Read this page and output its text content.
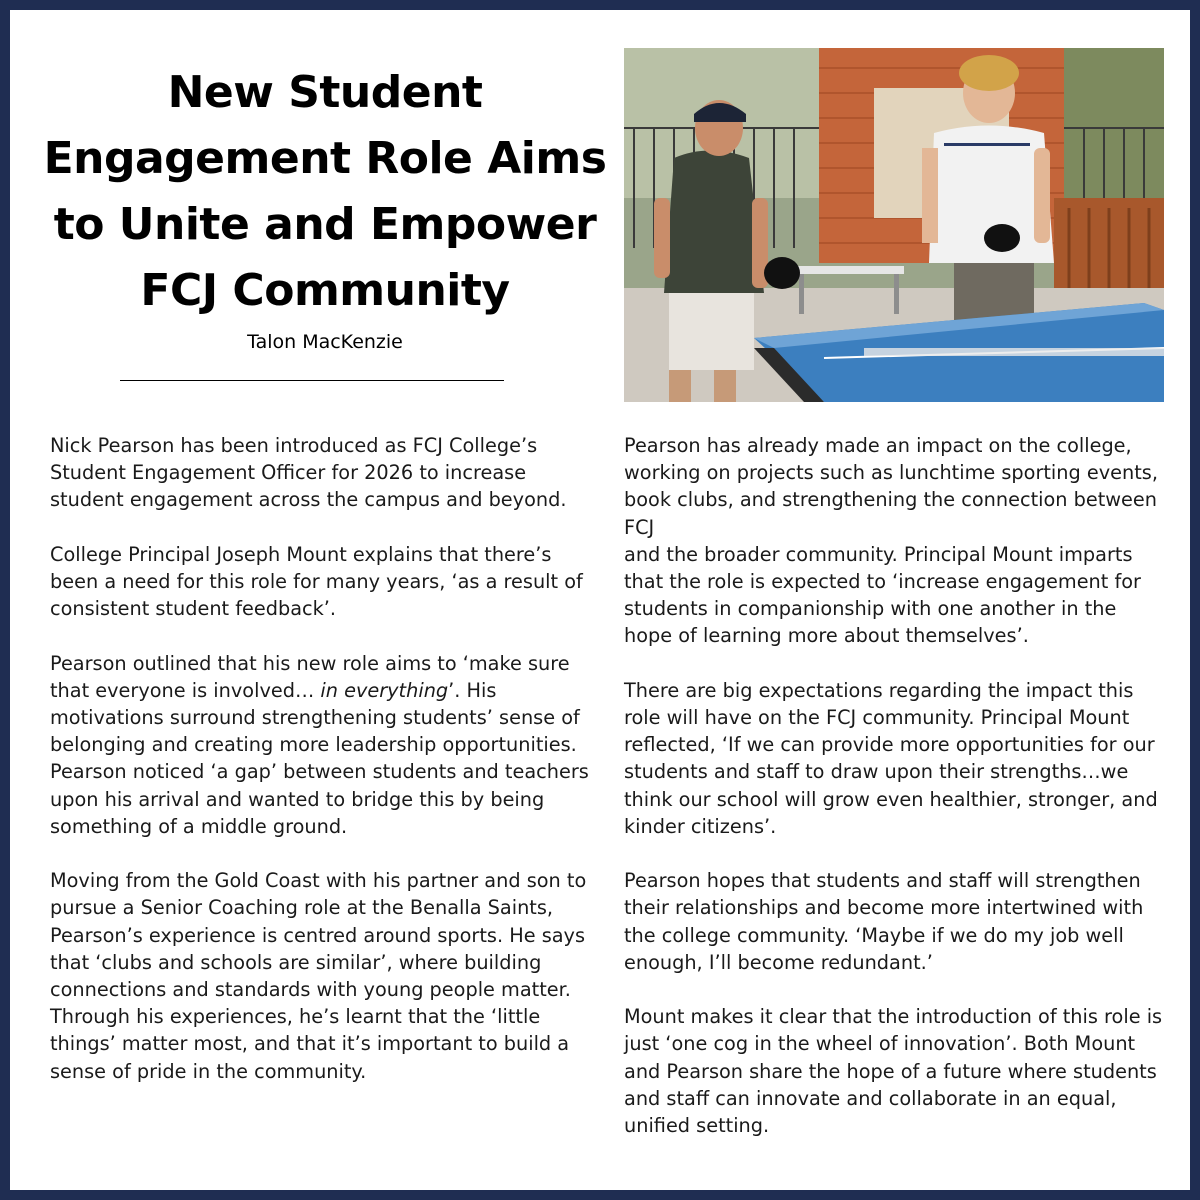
New Student Engagement Role Aims to Unite and Empower FCJ Community
Talon MacKenzie

Nick Pearson has been introduced as FCJ College’s Student Engagement Officer for 2026 to increase student engagement across the campus and beyond.

College Principal Joseph Mount explains that there’s been a need for this role for many years, ‘as a result of consistent student feedback’.

Pearson outlined that his new role aims to ‘make sure that everyone is involved… in everything’. His motivations surround strengthening students’ sense of belonging and creating more leadership opportunities. Pearson noticed ‘a gap’ between students and teachers upon his arrival and wanted to bridge this by being something of a middle ground.

Moving from the Gold Coast with his partner and son to pursue a Senior Coaching role at the Benalla Saints, Pearson’s experience is centred around sports. He says that ‘clubs and schools are similar’, where building connections and standards with young people matter. Through his experiences, he’s learnt that the ‘little things’ matter most, and that it’s important to build a sense of pride in the community.

Pearson has already made an impact on the college, working on projects such as lunchtime sporting events, book clubs, and strengthening the connection between FCJ
and the broader community. Principal Mount imparts that the role is expected to ‘increase engagement for students in companionship with one another in the hope of learning more about themselves’.

There are big expectations regarding the impact this role will have on the FCJ community. Principal Mount reflected, ‘If we can provide more opportunities for our students and staff to draw upon their strengths…we think our school will grow even healthier, stronger, and kinder citizens’.

Pearson hopes that students and staff will strengthen their relationships and become more intertwined with the college community. ‘Maybe if we do my job well enough, I’ll become redundant.’

Mount makes it clear that the introduction of this role is just ‘one cog in the wheel of innovation’. Both Mount and Pearson share the hope of a future where students and staff can innovate and collaborate in an equal, unified setting.
